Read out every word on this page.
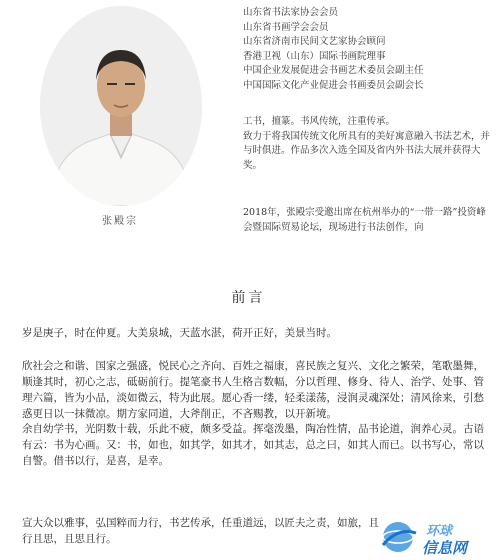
张殿宗
山东省书法家协会会员
山东省书画学会会员
山东省济南市民间文艺家协会顾问
香港卫视（山东）国际书画院理事
中国企业发展促进会书画艺术委员会副主任
中国国际文化产业促进会书画委员会副会长

工书，擅篆。书风传统，注重传承。

致力于将我国传统文化所具有的美好寓意融入书法艺术，并与时俱进。作品多次入选全国及省内外书法大展并获得大奖。

2018年，张殿宗受邀出席在杭州举办的“一带一路”投资峰会暨国际贸易论坛，现场进行书法创作，向
前言

岁是庚子，时在仲夏。大美泉城，天蓝水湛，荷开正好，美景当时。

欣社会之和谐、国家之强盛，悦民心之齐向、百姓之福康，喜民族之复兴、文化之繁荣，笔歌墨舞，顺逢其时，初心之志，砥砺前行。提笔豪书人生格言数幅，分以哲理、修身、待人、治学、处事、管理六篇，皆为小品，淡如微云，特为此展。愿心香一缕，轻柔漾荡，浸润灵魂深处；清风徐来，引愁惑更日以一抹微凉。期方家同道，大斧削正，不吝赐教，以开新境。

余自幼学书，光阴数十载，乐此不疲，颇多受益。挥毫泼墨，陶冶性情，品书论道，润养心灵。古语有云：书为心画。又：书，如也，如其学，如其才，如其志，总之曰，如其人而已。以书写心，常以自警。借书以行，是喜，是幸。

宣大众以雅事，弘国粹而力行，书艺传承，任重道远，以匠夫之责，如旅，且行且思，且思且行。	环球
信息网
